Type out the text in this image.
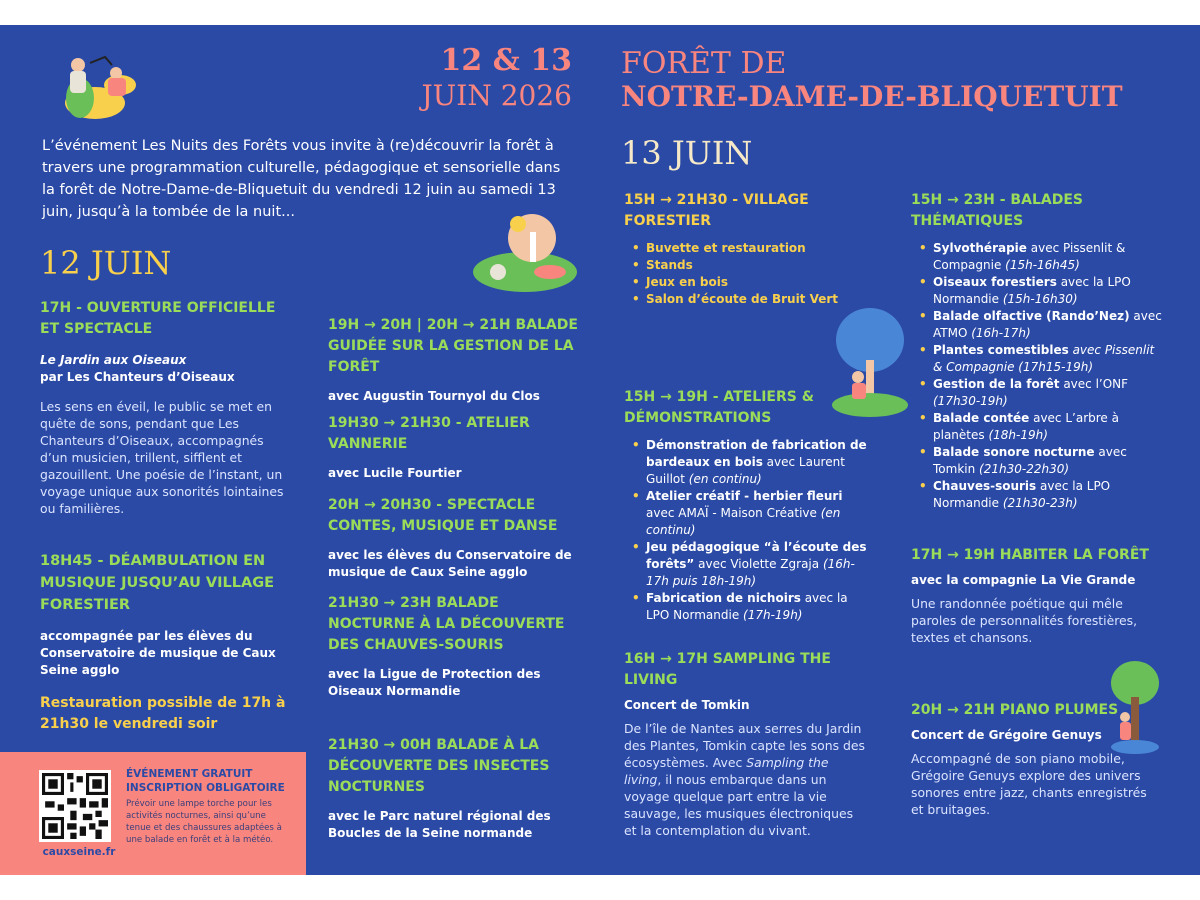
12 & 13
JUIN 2026
FORÊT DE
NOTRE-DAME-DE-BLIQUETUIT

L’événement Les Nuits des Forêts vous invite à (re)découvrir la forêt à travers une programmation culturelle, pédagogique et sensorielle dans la forêt de Notre-Dame-de-Bliquetuit du vendredi 12 juin au samedi 13 juin, jusqu’à la tombée de la nuit...

12 JUIN

17H - OUVERTURE OFFICIELLE

ET SPECTACLE

Le Jardin aux Oiseaux

par Les Chanteurs d’Oiseaux

Les sens en éveil, le public se met en quête de sons, pendant que Les Chanteurs d’Oiseaux, accompagnés d’un musicien, trillent, sifflent et gazouillent. Une poésie de l’instant, un voyage unique aux sonorités lointaines ou familières.

18H45 - DÉAMBULATION EN MUSIQUE JUSQU’AU VILLAGE FORESTIER

accompagnée par les élèves du Conservatoire de musique de Caux Seine agglo

Restauration possible de 17h à 21h30 le vendredi soir

19H → 20H | 20H → 21H BALADE GUIDÉE SUR LA GESTION DE LA FORÊT

avec Augustin Tournyol du Clos

19H30 → 21H30 - ATELIER VANNERIE

avec Lucile Fourtier

20H → 20H30 - SPECTACLE CONTES, MUSIQUE ET DANSE

avec les élèves du Conservatoire de musique de Caux Seine agglo

21H30 → 23H BALADE NOCTURNE À LA DÉCOUVERTE DES CHAUVES-SOURIS

avec la Ligue de Protection des Oiseaux Normandie

21H30 → 00H BALADE À LA DÉCOUVERTE DES INSECTES NOCTURNES

avec le Parc naturel régional des Boucles de la Seine normande

cauxseine.fr

ÉVÉNEMENT GRATUIT

INSCRIPTION OBLIGATOIRE

Prévoir une lampe torche pour les activités nocturnes, ainsi qu’une tenue et des chaussures adaptées à une balade en forêt et à la météo.

13 JUIN

15H → 21H30 - VILLAGE FORESTIER

• Buvette et restauration
• Stands
• Jeux en bois
• Salon d’écoute de Bruit Vert

15H → 19H - ATELIERS & DÉMONSTRATIONS

• Démonstration de fabrication de bardeaux en bois avec Laurent Guillot (en continu)
• Atelier créatif - herbier fleuri avec AMAÏ - Maison Créative (en continu)
• Jeu pédagogique “à l’écoute des forêts” avec Violette Zgraja (16h-17h puis 18h-19h)
• Fabrication de nichoirs avec la LPO Normandie (17h-19h)

16H → 17H SAMPLING THE LIVING

Concert de Tomkin

De l’île de Nantes aux serres du Jardin des Plantes, Tomkin capte les sons des écosystèmes. Avec Sampling the living, il nous embarque dans un voyage quelque part entre la vie sauvage, les musiques électroniques et la contemplation du vivant.

15H → 23H - BALADES THÉMATIQUES

• Sylvothérapie avec Pissenlit & Compagnie (15h-16h45)
• Oiseaux forestiers avec la LPO Normandie (15h-16h30)
• Balade olfactive (Rando’Nez) avec ATMO (16h-17h)
• Plantes comestibles avec Pissenlit & Compagnie (17h15-19h)
• Gestion de la forêt avec l’ONF (17h30-19h)
• Balade contée avec L’arbre à planètes (18h-19h)
• Balade sonore nocturne avec Tomkin (21h30-22h30)
• Chauves-souris avec la LPO Normandie (21h30-23h)

17H → 19H HABITER LA FORÊT

avec la compagnie La Vie Grande

Une randonnée poétique qui mêle paroles de personnalités forestières, textes et chansons.

20H → 21H PIANO PLUMES

Concert de Grégoire Genuys

Accompagné de son piano mobile, Grégoire Genuys explore des univers sonores entre jazz, chants enregistrés et bruitages.
